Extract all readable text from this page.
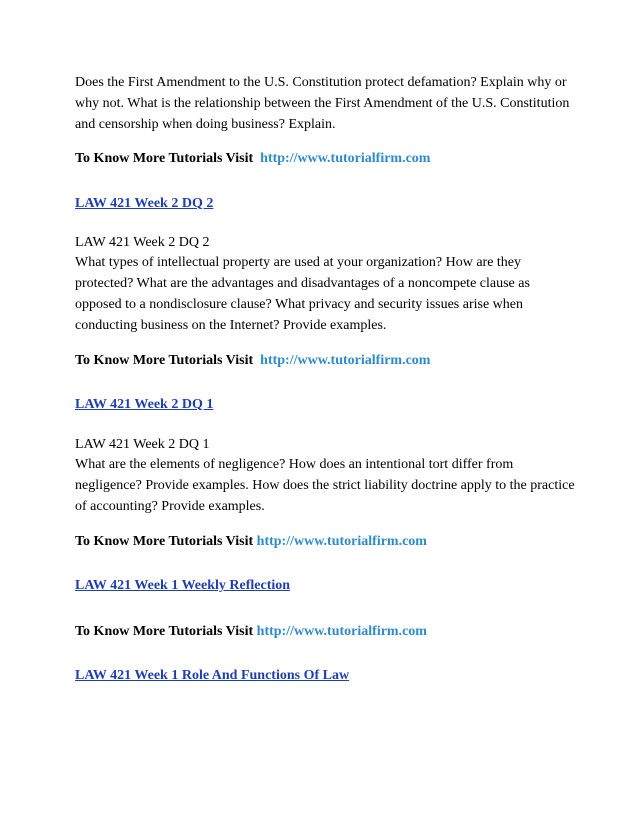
Does the First Amendment to the U.S. Constitution protect defamation? Explain why or why not. What is the relationship between the First Amendment of the U.S. Constitution and censorship when doing business? Explain.

To Know More Tutorials Visit http://www.tutorialfirm.com

LAW 421 Week 2 DQ 2
LAW 421 Week 2 DQ 2

What types of intellectual property are used at your organization? How are they protected? What are the advantages and disadvantages of a noncompete clause as opposed to a nondisclosure clause? What privacy and security issues arise when conducting business on the Internet? Provide examples.

To Know More Tutorials Visit http://www.tutorialfirm.com

LAW 421 Week 2 DQ 1
LAW 421 Week 2 DQ 1

What are the elements of negligence? How does an intentional tort differ from negligence? Provide examples. How does the strict liability doctrine apply to the practice of accounting? Provide examples.

To Know More Tutorials Visit http://www.tutorialfirm.com

LAW 421 Week 1 Weekly Reflection

To Know More Tutorials Visit http://www.tutorialfirm.com

LAW 421 Week 1 Role And Functions Of Law
